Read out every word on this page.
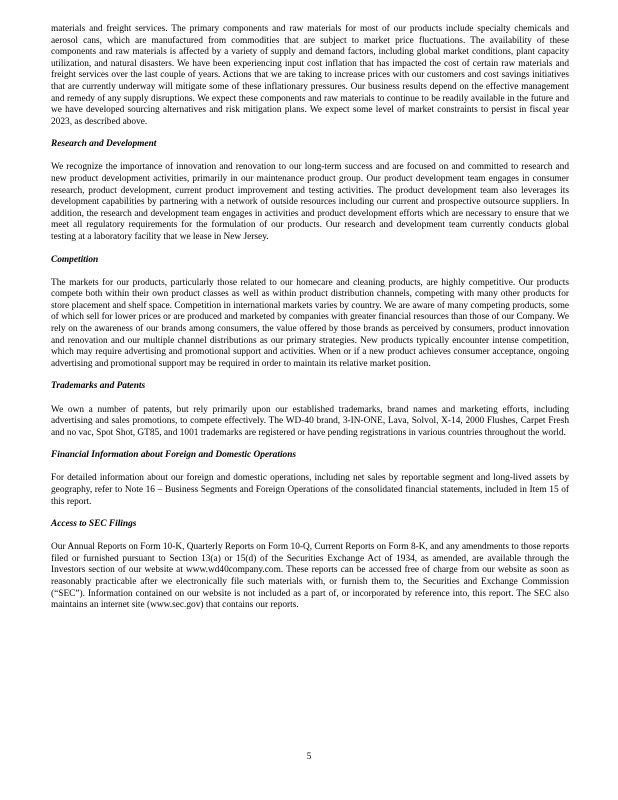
materials and freight services. The primary components and raw materials for most of our products include specialty chemicals and aerosol cans, which are manufactured from commodities that are subject to market price fluctuations. The availability of these components and raw materials is affected by a variety of supply and demand factors, including global market conditions, plant capacity utilization, and natural disasters. We have been experiencing input cost inflation that has impacted the cost of certain raw materials and freight services over the last couple of years. Actions that we are taking to increase prices with our customers and cost savings initiatives that are currently underway will mitigate some of these inflationary pressures. Our business results depend on the effective management and remedy of any supply disruptions. We expect these components and raw materials to continue to be readily available in the future and we have developed sourcing alternatives and risk mitigation plans. We expect some level of market constraints to persist in fiscal year 2023, as described above.

Research and Development

We recognize the importance of innovation and renovation to our long-term success and are focused on and committed to research and new product development activities, primarily in our maintenance product group. Our product development team engages in consumer research, product development, current product improvement and testing activities. The product development team also leverages its development capabilities by partnering with a network of outside resources including our current and prospective outsource suppliers. In addition, the research and development team engages in activities and product development efforts which are necessary to ensure that we meet all regulatory requirements for the formulation of our products. Our research and development team currently conducts global testing at a laboratory facility that we lease in New Jersey.

Competition

The markets for our products, particularly those related to our homecare and cleaning products, are highly competitive. Our products compete both within their own product classes as well as within product distribution channels, competing with many other products for store placement and shelf space. Competition in international markets varies by country. We are aware of many competing products, some of which sell for lower prices or are produced and marketed by companies with greater financial resources than those of our Company. We rely on the awareness of our brands among consumers, the value offered by those brands as perceived by consumers, product innovation and renovation and our multiple channel distributions as our primary strategies. New products typically encounter intense competition, which may require advertising and promotional support and activities. When or if a new product achieves consumer acceptance, ongoing advertising and promotional support may be required in order to maintain its relative market position.

Trademarks and Patents

We own a number of patents, but rely primarily upon our established trademarks, brand names and marketing efforts, including advertising and sales promotions, to compete effectively. The WD-40 brand, 3-IN-ONE, Lava, Solvol, X-14, 2000 Flushes, Carpet Fresh and no vac, Spot Shot, GT85, and 1001 trademarks are registered or have pending registrations in various countries throughout the world.

Financial Information about Foreign and Domestic Operations

For detailed information about our foreign and domestic operations, including net sales by reportable segment and long-lived assets by geography, refer to Note 16 – Business Segments and Foreign Operations of the consolidated financial statements, included in Item 15 of this report.

Access to SEC Filings

Our Annual Reports on Form 10-K, Quarterly Reports on Form 10-Q, Current Reports on Form 8-K, and any amendments to those reports filed or furnished pursuant to Section 13(a) or 15(d) of the Securities Exchange Act of 1934, as amended, are available through the Investors section of our website at www.wd40company.com. These reports can be accessed free of charge from our website as soon as reasonably practicable after we electronically file such materials with, or furnish them to, the Securities and Exchange Commission (“SEC”). Information contained on our website is not included as a part of, or incorporated by reference into, this report. The SEC also maintains an internet site (www.sec.gov) that contains our reports.

5
